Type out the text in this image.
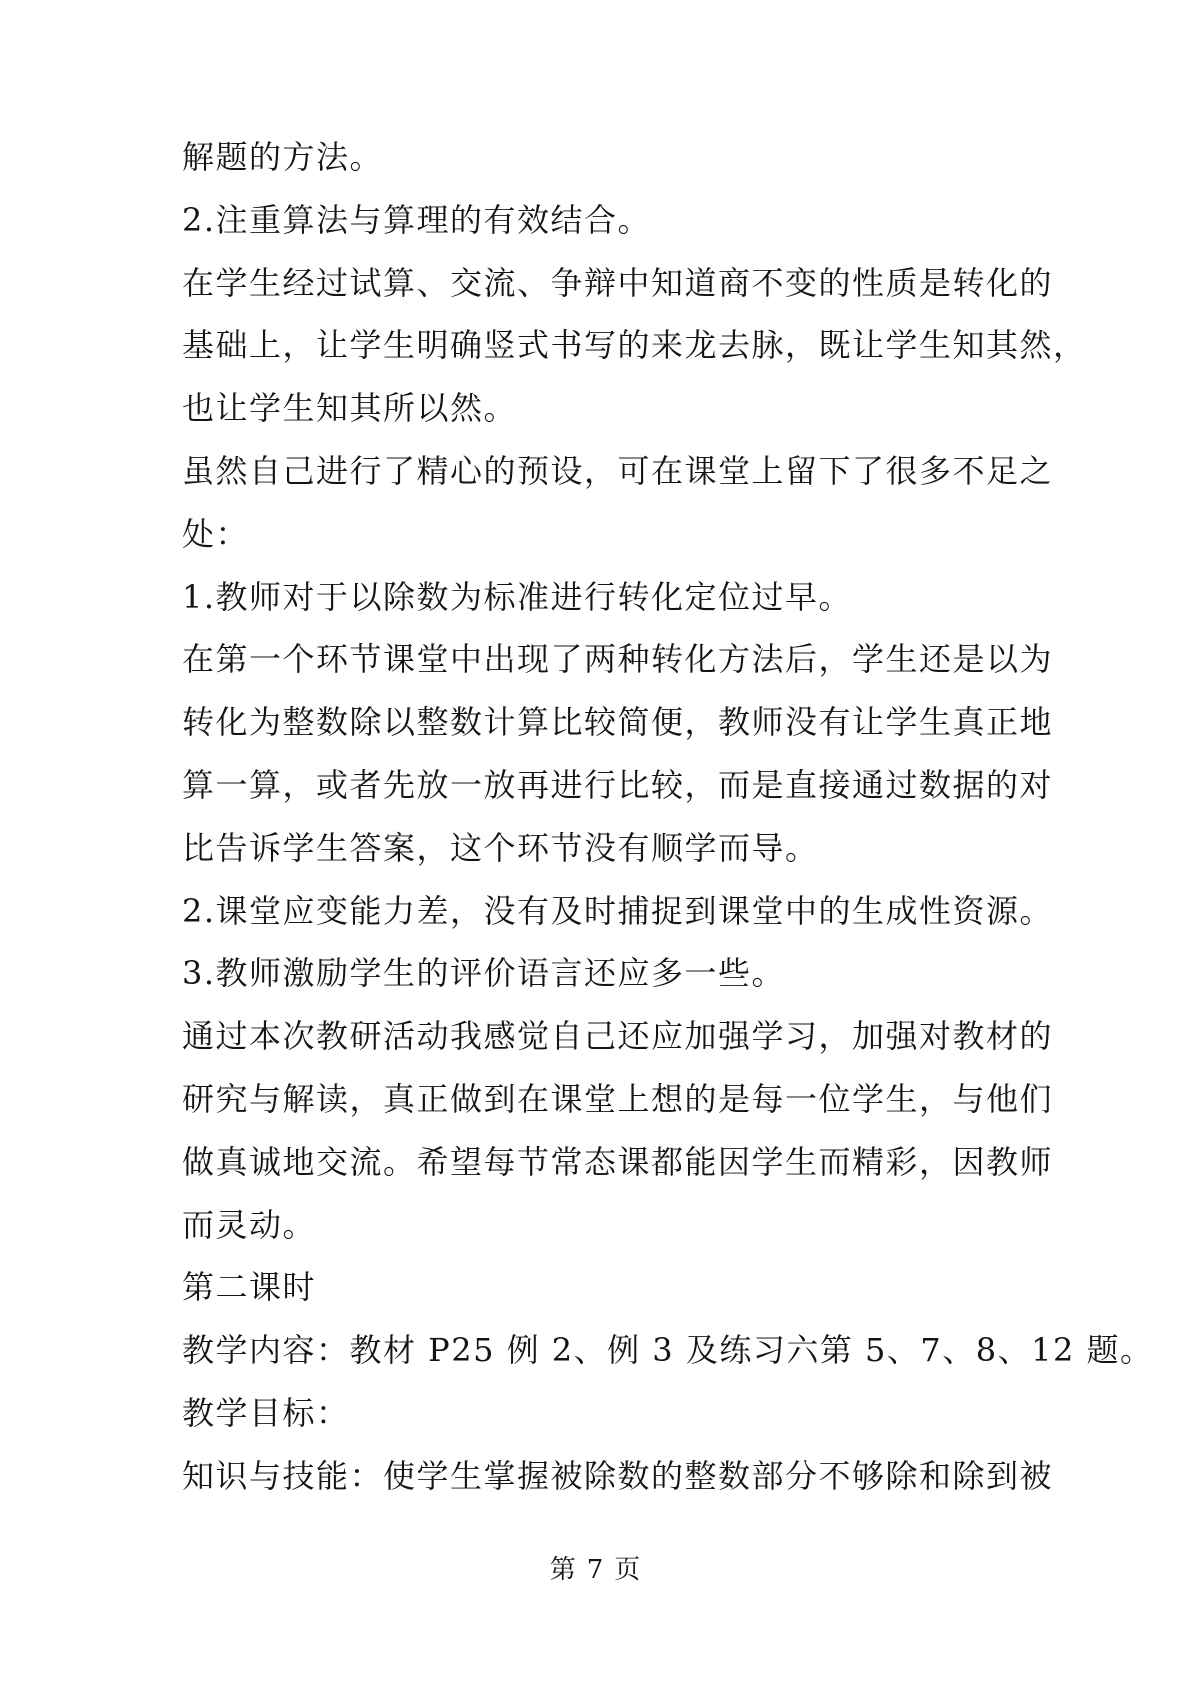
解题的方法。
2.注重算法与算理的有效结合。
在学生经过试算、交流、争辩中知道商不变的性质是转化的
基础上，让学生明确竖式书写的来龙去脉，既让学生知其然，
也让学生知其所以然。
虽然自己进行了精心的预设，可在课堂上留下了很多不足之
处：
1.教师对于以除数为标准进行转化定位过早。
在第一个环节课堂中出现了两种转化方法后，学生还是以为
转化为整数除以整数计算比较简便，教师没有让学生真正地
算一算，或者先放一放再进行比较，而是直接通过数据的对
比告诉学生答案，这个环节没有顺学而导。
2.课堂应变能力差，没有及时捕捉到课堂中的生成性资源。
3.教师激励学生的评价语言还应多一些。
通过本次教研活动我感觉自己还应加强学习，加强对教材的
研究与解读，真正做到在课堂上想的是每一位学生，与他们
做真诚地交流。希望每节常态课都能因学生而精彩，因教师
而灵动。
第二课时
教学内容：教材 P25 例 2、例 3 及练习六第 5、7、8、12 题。
教学目标：
知识与技能：使学生掌握被除数的整数部分不够除和除到被
第 7 页
